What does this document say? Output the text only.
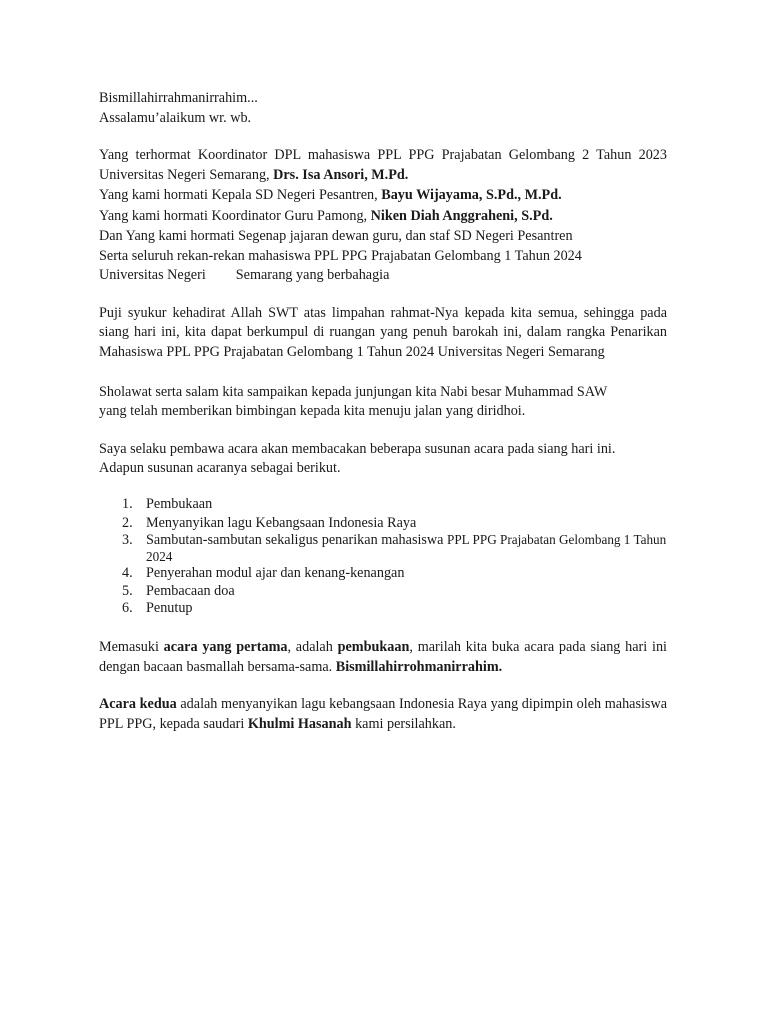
Bismillahirrahmanirrahim...
Assalamu’alaikum wr. wb.
Yang terhormat Koordinator DPL mahasiswa PPL PPG Prajabatan Gelombang 2 Tahun 2023 Universitas Negeri Semarang, Drs. Isa Ansori, M.Pd.
Yang kami hormati Kepala SD Negeri Pesantren, Bayu Wijayama, S.Pd., M.Pd.
Yang kami hormati Koordinator Guru Pamong, Niken Diah Anggraheni, S.Pd.
Dan Yang kami hormati Segenap jajaran dewan guru, dan staf SD Negeri Pesantren
Serta seluruh rekan-rekan mahasiswa PPL PPG Prajabatan Gelombang 1 Tahun 2024
Universitas Negeri Semarang yang berbahagia
Puji syukur kehadirat Allah SWT atas limpahan rahmat-Nya kepada kita semua, sehingga pada siang hari ini, kita dapat berkumpul di ruangan yang penuh barokah ini, dalam rangka Penarikan Mahasiswa PPL PPG Prajabatan Gelombang 1 Tahun 2024 Universitas Negeri Semarang
Sholawat serta salam kita sampaikan kepada junjungan kita Nabi besar Muhammad SAW
yang telah memberikan bimbingan kepada kita menuju jalan yang diridhoi.
Saya selaku pembawa acara akan membacakan beberapa susunan acara pada siang hari ini.
Adapun susunan acaranya sebagai berikut.
1. Pembukaan
2. Menyanyikan lagu Kebangsaan Indonesia Raya
3. Sambutan-sambutan sekaligus penarikan mahasiswa PPL PPG Prajabatan Gelombang 1 Tahun 2024
4. Penyerahan modul ajar dan kenang-kenangan
5. Pembacaan doa
6. Penutup
Memasuki acara yang pertama, adalah pembukaan, marilah kita buka acara pada siang hari ini dengan bacaan basmallah bersama-sama. Bismillahirrohmanirrahim.
Acara kedua adalah menyanyikan lagu kebangsaan Indonesia Raya yang dipimpin oleh mahasiswa PPL PPG, kepada saudari Khulmi Hasanah kami persilahkan.
